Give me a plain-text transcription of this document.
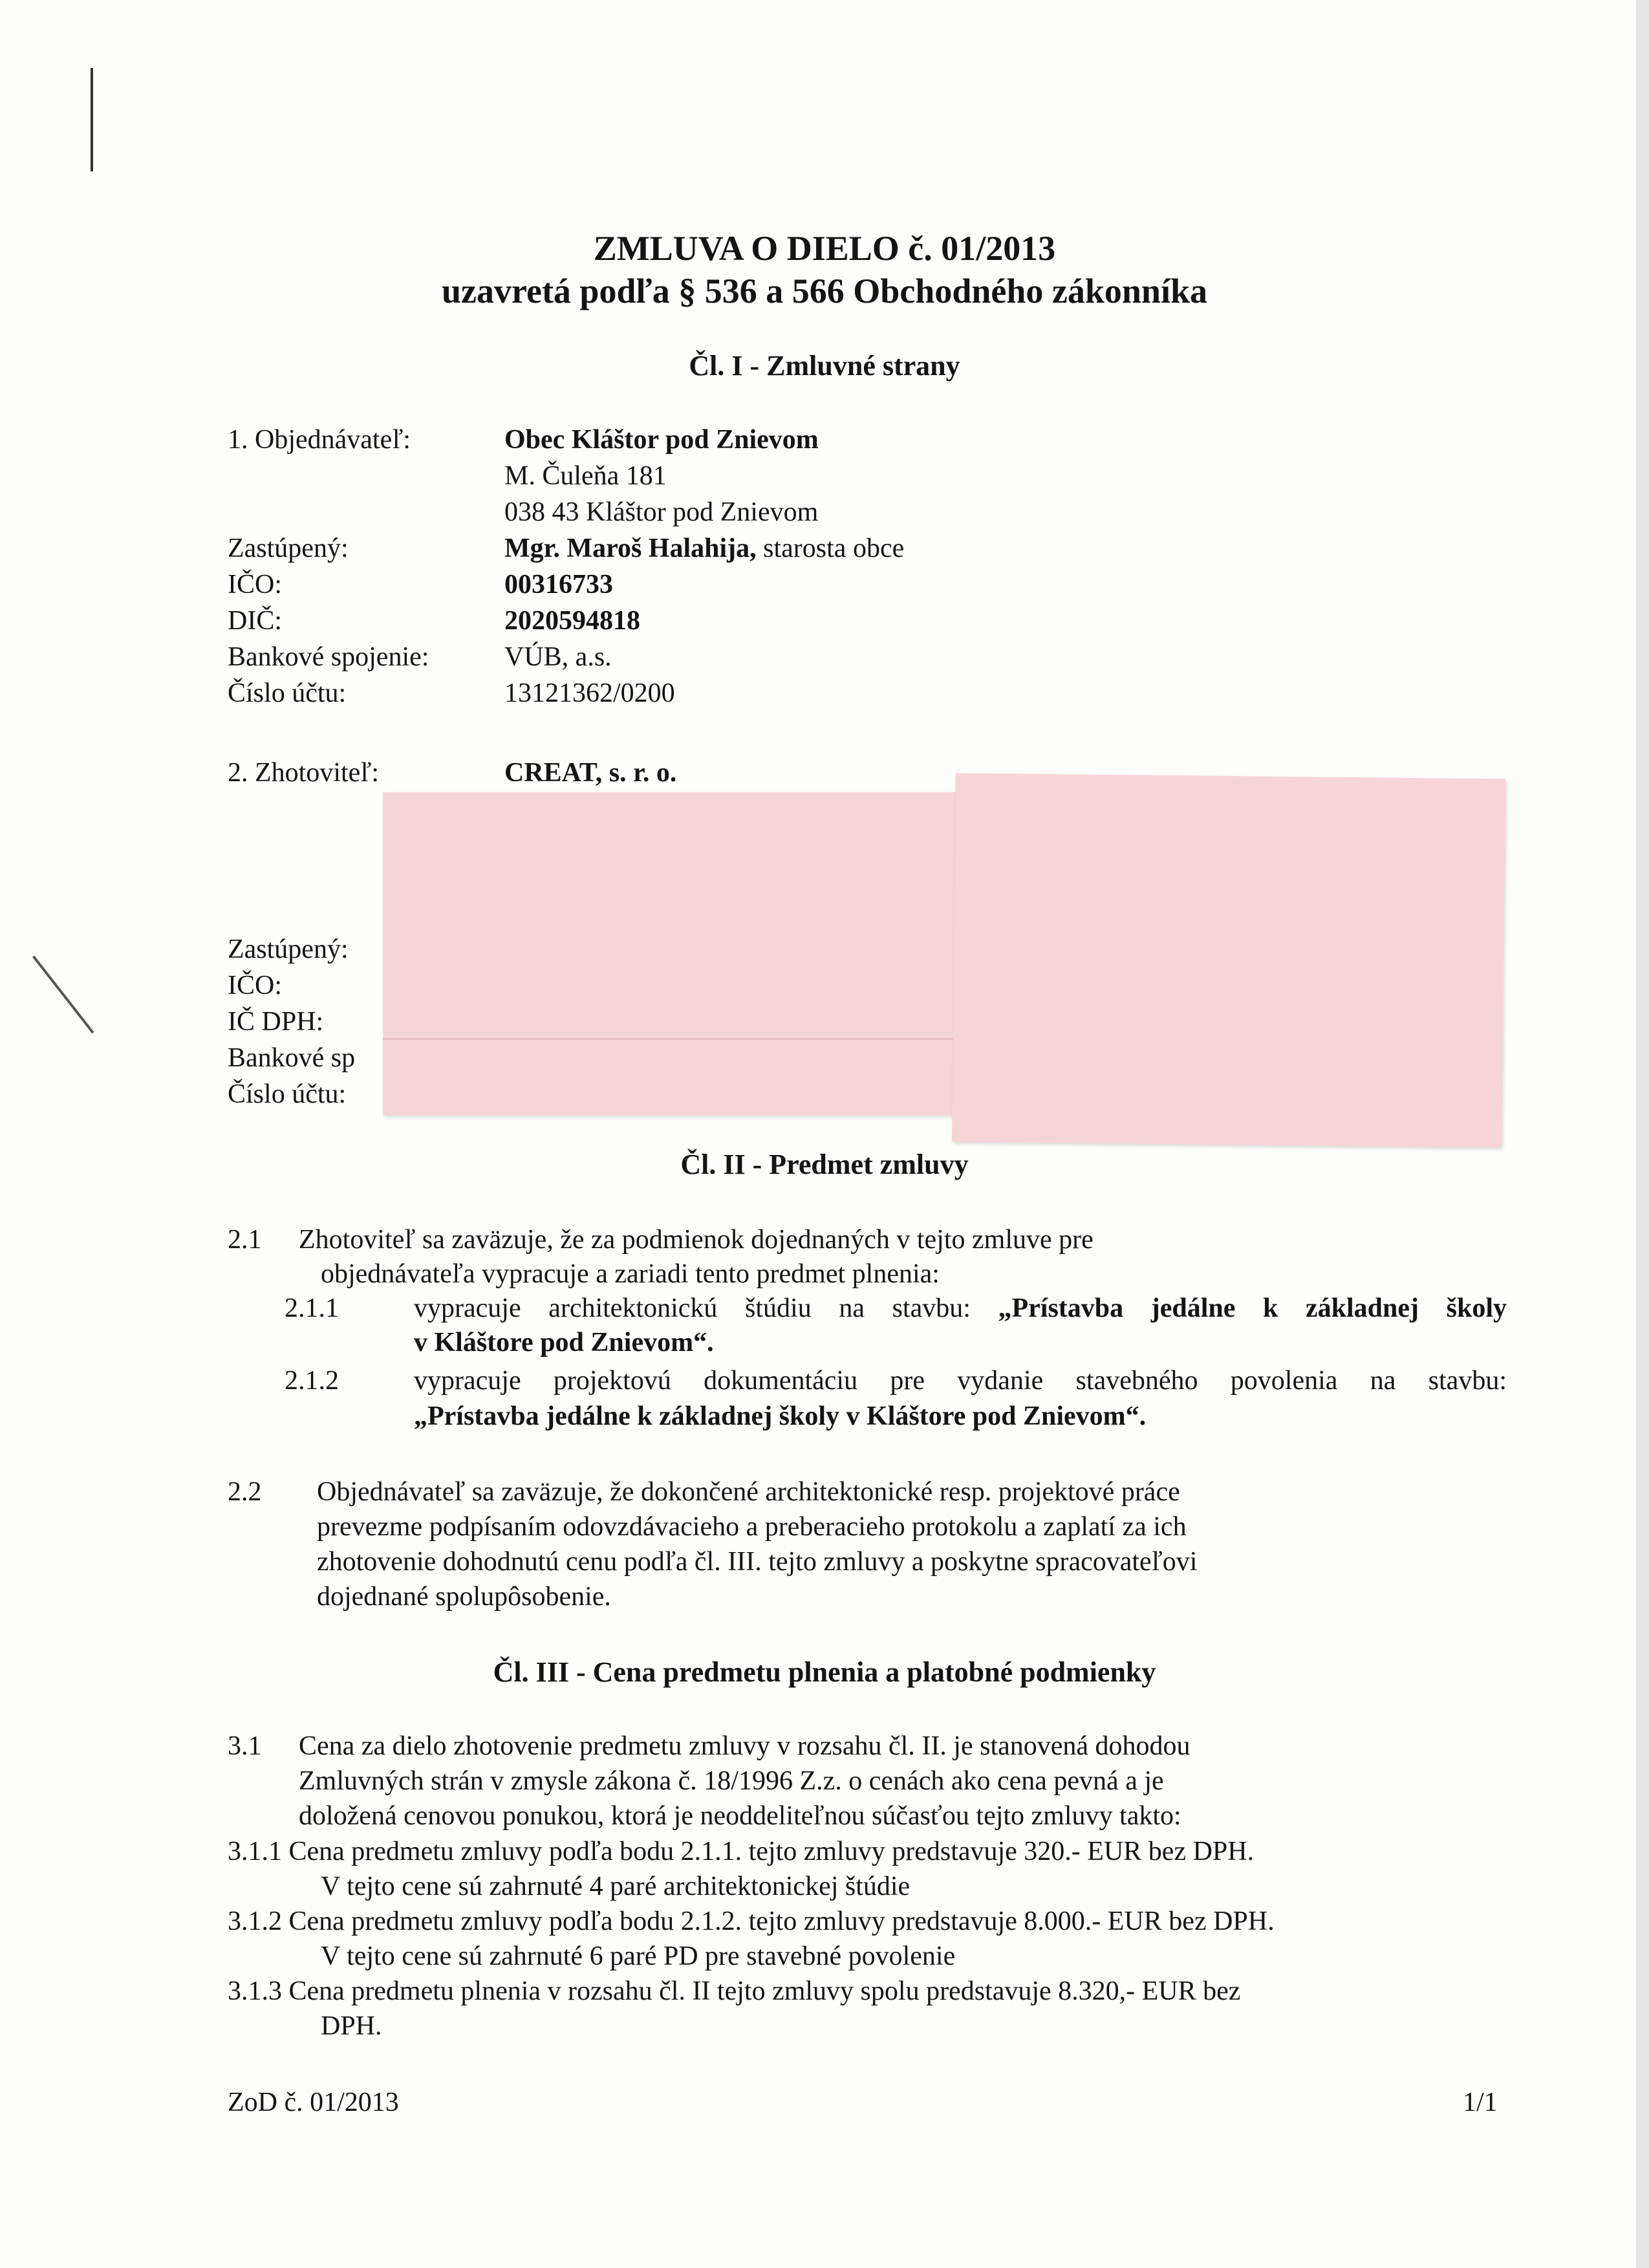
ZMLUVA O DIELO č. 01/2013
uzavretá podľa § 536 a 566 Obchodného zákonníka
Čl. I - Zmluvné strany
1. Objednávateľ:	Obec Kláštor pod Znievom
M. Čuleňa 181
038 43 Kláštor pod Znievom
Zastúpený:	Mgr. Maroš Halahija, starosta obce
IČO:	00316733
DIČ:	2020594818
Bankové spojenie:	VÚB, a.s.
Číslo účtu:	13121362/0200
2. Zhotoviteľ:	CREAT, s. r. o.
Zastúpený:
IČO:
IČ DPH:
Bankové sp
Číslo účtu:
Čl. II - Predmet zmluvy
2.1 Zhotoviteľ sa zaväzuje, že za podmienok dojednaných v tejto zmluve pre
objednávateľa vypracuje a zariadi tento predmet plnenia:
2.1.1	vypracuje architektonickú štúdiu na stavbu: „Prístavba jedálne k základnej školy
v Kláštore pod Znievom“.
2.1.2	vypracuje projektovú dokumentáciu pre vydanie stavebného povolenia na stavbu:
„Prístavba jedálne k základnej školy v Kláštore pod Znievom“.
2.2 Objednávateľ sa zaväzuje, že dokončené architektonické resp. projektové práce
prevezme podpísaním odovzdávacieho a preberacieho protokolu a zaplatí za ich
zhotovenie dohodnutú cenu podľa čl. III. tejto zmluvy a poskytne spracovateľovi
dojednané spolupôsobenie.
Čl. III - Cena predmetu plnenia a platobné podmienky
3.1 Cena za dielo zhotovenie predmetu zmluvy v rozsahu čl. II. je stanovená dohodou
Zmluvných strán v zmysle zákona č. 18/1996 Z.z. o cenách ako cena pevná a je
doložená cenovou ponukou, ktorá je neoddeliteľnou súčasťou tejto zmluvy takto:
3.1.1 Cena predmetu zmluvy podľa bodu 2.1.1. tejto zmluvy predstavuje 320.- EUR bez DPH.
V tejto cene sú zahrnuté 4 paré architektonickej štúdie
3.1.2 Cena predmetu zmluvy podľa bodu 2.1.2. tejto zmluvy predstavuje 8.000.- EUR bez DPH.
V tejto cene sú zahrnuté 6 paré PD pre stavebné povolenie
3.1.3 Cena predmetu plnenia v rozsahu čl. II tejto zmluvy spolu predstavuje 8.320,- EUR bez
DPH.
ZoD č. 01/2013	1/1
